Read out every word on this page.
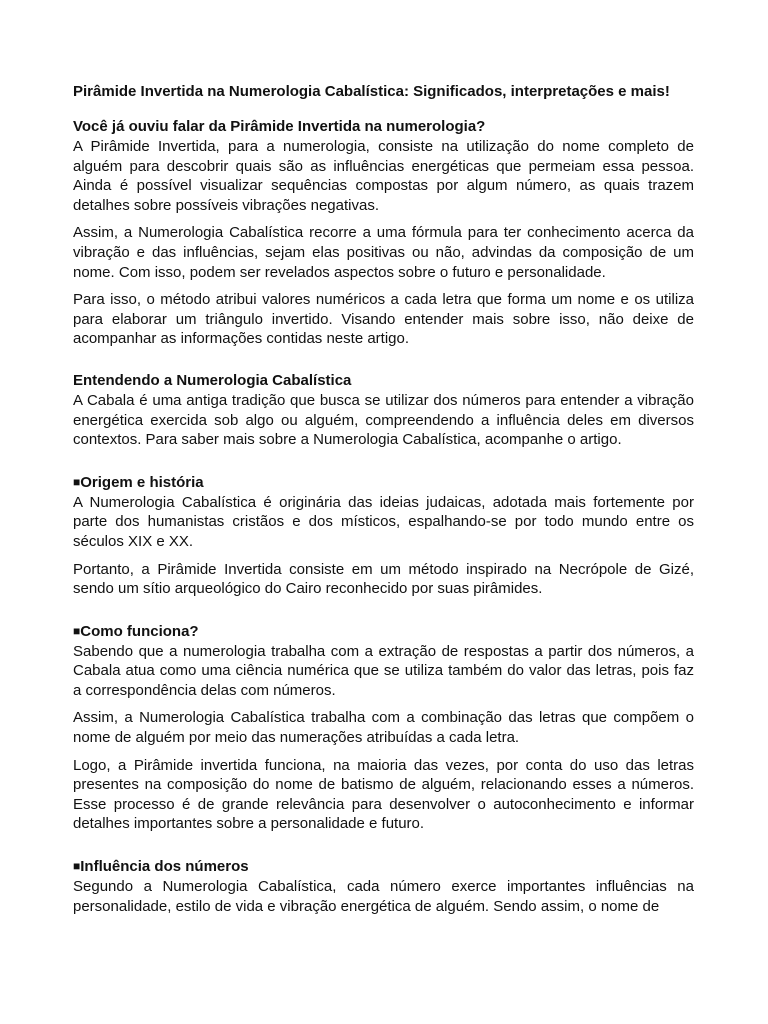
Pirâmide Invertida na Numerologia Cabalística: Significados, interpretações e mais!
Você já ouviu falar da Pirâmide Invertida na numerologia?

A Pirâmide Invertida, para a numerologia, consiste na utilização do nome completo de alguém para descobrir quais são as influências energéticas que permeiam essa pessoa. Ainda é possível visualizar sequências compostas por algum número, as quais trazem detalhes sobre possíveis vibrações negativas.

Assim, a Numerologia Cabalística recorre a uma fórmula para ter conhecimento acerca da vibração e das influências, sejam elas positivas ou não, advindas da composição de um nome. Com isso, podem ser revelados aspectos sobre o futuro e personalidade.

Para isso, o método atribui valores numéricos a cada letra que forma um nome e os utiliza para elaborar um triângulo invertido. Visando entender mais sobre isso, não deixe de acompanhar as informações contidas neste artigo.

Entendendo a Numerologia Cabalística

A Cabala é uma antiga tradição que busca se utilizar dos números para entender a vibração energética exercida sob algo ou alguém, compreendendo a influência deles em diversos contextos. Para saber mais sobre a Numerologia Cabalística, acompanhe o artigo.

■Origem e história

A Numerologia Cabalística é originária das ideias judaicas, adotada mais fortemente por parte dos humanistas cristãos e dos místicos, espalhando-se por todo mundo entre os séculos XIX e XX.

Portanto, a Pirâmide Invertida consiste em um método inspirado na Necrópole de Gizé, sendo um sítio arqueológico do Cairo reconhecido por suas pirâmides.

■Como funciona?

Sabendo que a numerologia trabalha com a extração de respostas a partir dos números, a Cabala atua como uma ciência numérica que se utiliza também do valor das letras, pois faz a correspondência delas com números.

Assim, a Numerologia Cabalística trabalha com a combinação das letras que compõem o nome de alguém por meio das numerações atribuídas a cada letra.

Logo, a Pirâmide invertida funciona, na maioria das vezes, por conta do uso das letras presentes na composição do nome de batismo de alguém, relacionando esses a números. Esse processo é de grande relevância para desenvolver o autoconhecimento e informar detalhes importantes sobre a personalidade e futuro.

■Influência dos números

Segundo a Numerologia Cabalística, cada número exerce importantes influências na personalidade, estilo de vida e vibração energética de alguém. Sendo assim, o nome de
